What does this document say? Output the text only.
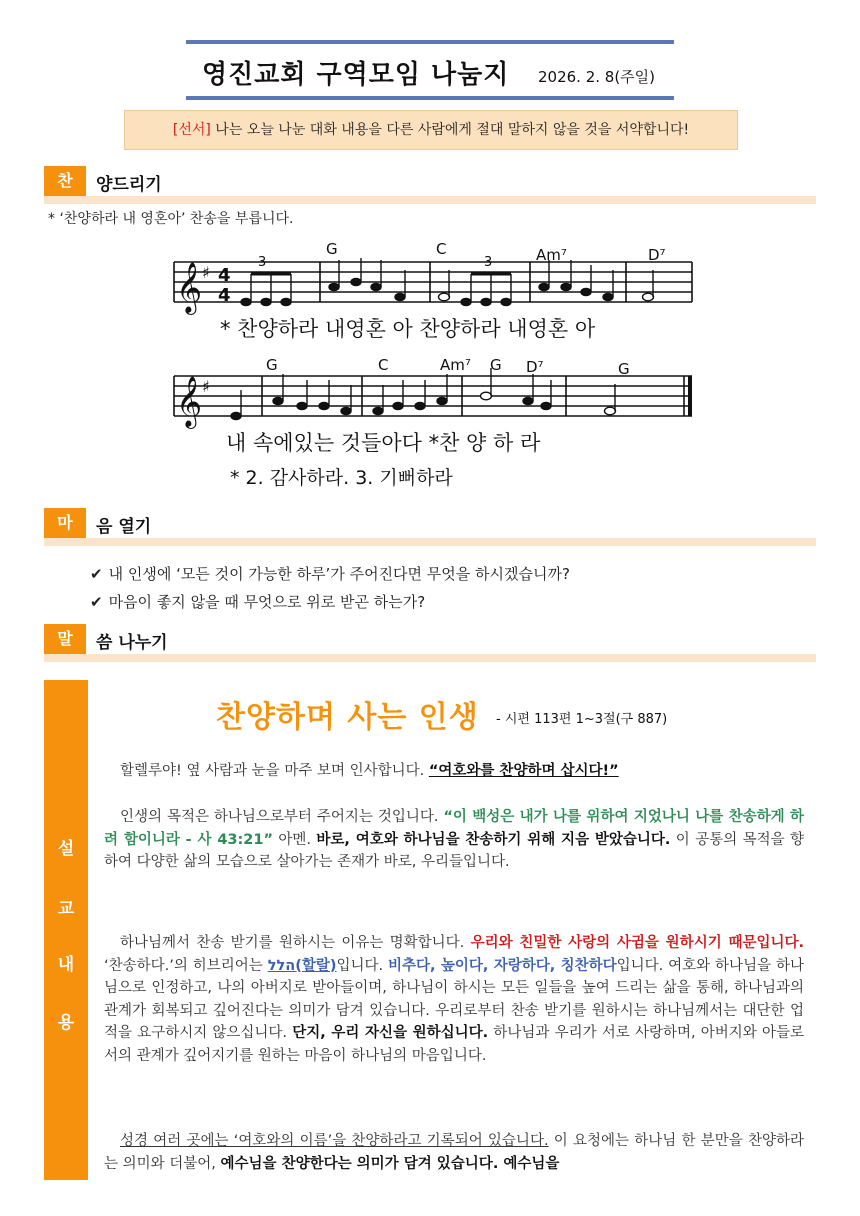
영진교회 구역모임 나눔지 2026. 2. 8(주일)
[선서] 나는 오늘 나눈 대화 내용을 다른 사람에게 절대 말하지 않을 것을 서약합니다!
찬	양드리기
* ‘찬양하라 내 영혼아’ 찬송을 부릅니다.
𝄞
𝄞
♯
♯
4
4
3	3
G	C	Am⁷	D⁷
* 찬양하라 내영혼 아 찬양하라 내영혼 아
G	C	Am⁷ G D⁷	G
내 속에있는 것들아다 *찬 양 하 라
* 2. 감사하라. 3. 기뻐하라
마	음 열기
✔ 내 인생에 ‘모든 것이 가능한 하루’가 주어진다면 무엇을 하시겠습니까?
✔ 마음이 좋지 않을 때 무엇으로 위로 받곤 하는가?
말	씀 나누기
설
교
내
용
찬양하며 사는 인생 - 시편 113편 1~3절(구 887)
할렐루야! 옆 사람과 눈을 마주 보며 인사합니다. “여호와를 찬양하며 삽시다!”
인생의 목적은 하나님으로부터 주어지는 것입니다. “이 백성은 내가 나를 위하여 지었나니 나를 찬송하게 하려 함이니라 - 사 43:21” 아멘. 바로, 여호와 하나님을 찬송하기 위해 지음 받았습니다. 이 공통의 목적을 향하여 다양한 삶의 모습으로 살아가는 존재가 바로, 우리들입니다.
하나님께서 찬송 받기를 원하시는 이유는 명확합니다. 우리와 친밀한 사랑의 사귐을 원하시기 때문입니다. ‘찬송하다.’의 히브리어는 הלל(할랄)입니다. 비추다, 높이다, 자랑하다, 칭찬하다입니다. 여호와 하나님을 하나님으로 인정하고, 나의 아버지로 받아들이며, 하나님이 하시는 모든 일들을 높여 드리는 삶을 통해, 하나님과의 관계가 회복되고 깊어진다는 의미가 담겨 있습니다. 우리로부터 찬송 받기를 원하시는 하나님께서는 대단한 업적을 요구하시지 않으십니다. 단지, 우리 자신을 원하십니다. 하나님과 우리가 서로 사랑하며, 아버지와 아들로서의 관계가 깊어지기를 원하는 마음이 하나님의 마음입니다.
성경 여러 곳에는 ‘여호와의 이름’을 찬양하라고 기록되어 있습니다. 이 요청에는 하나님 한 분만을 찬양하라는 의미와 더불어, 예수님을 찬양한다는 의미가 담겨 있습니다. 예수님을
